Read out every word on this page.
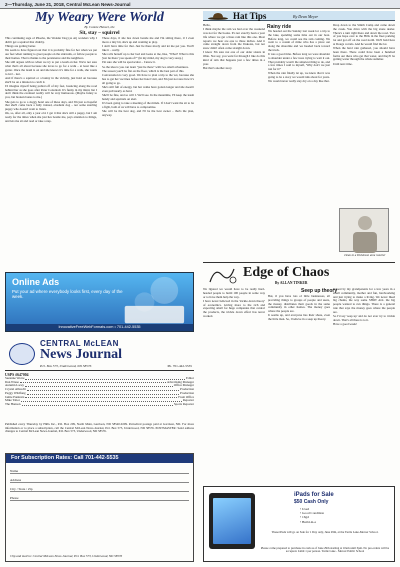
2—Thursday, June 21, 2018, Central McLean News-Journal
My Weary Were World
By Connie Hensel, the
Sit, stay – squirrel

This continuing saga of Phoebe, the Wonder Dog (as Ai) wonders why I didn't get a squirrel that chubby.

Things are getting better.

We seem to have figured out that it is probably fine for her when we put our feet when running to greet people on the sidewalk, or follow people to their homes. That is thanks to the persistence and the neighbors.

She still argues with us when we try to put a leash on her. We're not sure what that's all about because she loves to go for a walk – at least like a garter. Once the leash is on and she knows it's time for a walk, she wants to GO – nut.

And if there's a squirrel or a bunny in the vicinity, just hold on because she'll be on a mission to catch it.

I'd imagine myself being pulled off of my feet, bouncing along the road behind her as she goes after Peter Cottontail. It's funny in my mind, but I don't think the eventual reality will be very humorous. (Maybe funny to you, but broken bones to me.)

She gets to go to a doggy hotel one of these days, and I'm just so hopeful that she'll come back a fully trained, obedient dog – not some snarling puppy who doesn't want to listen.

Ok, so, after all, only a year old. I get it that she's still a puppy, but I am ready for the times when she just lies beside me, pays attention to things, and lets me sit and read or take a nap.

These days, if she lies down beside me and I'm sitting there, if I even move a tiny bit, she's up and wanting to play.

I don't have time for that. Just lie there nicely and let me pet you. You'll like it – really.

She rolls herself up to her bed and looks at me, like, "What? What is this 'just lie there' you speak of?" (In my mind, my dog is very sassy.)

I'm sure she will be spectacular – I know it.

So the idea is you can learn "just lie there" with two small adventures.

The reason you'll be flat on the floor, which is the best part of this.

Conversation is very good. We have to plan a trip to the vet, because she has to get her vaccines before her hotel visit, and I'm just not sure how it's all going to go.

She's still full of energy, but her walks have gotten longer and she doesn't even pull nearly as hard.

She'll be fine, and so will I. We'll see. In the meantime, I'll keep the leash handy and squirrels on alert.

It's been going to take a meeting of the minds. If I don't want the sit to be a fight, both of us will have to compromise.

She will be the best dog, and I'll be the best owner – that's the plan, anyway.

Online Ads
Put your ad where everybody looks first, every day of the week.
InnovativeFreeWebFormats.com • 701-442-5535
CENTRAL McLEAN
News Journal
P.O. Box 573, Underwood, ND 58576	Ph. 701-442-5535
USPS #647004
Suzanne Worre	Editor
Dan Wiese	Advertising Manager
Autumn Lacey	Office Manager
Crystal Albrecht	Production
Peggy Wildfang	Production
Jamie Pankratz	Front Office
Mike Tabor	Reporter
The Hanson	Sports Reporter
Published every Thursday by HRG Inc., P.O. Box 209, North Main, Garrison, ND 58540-0209. Periodical postage paid at Garrison, ND. For more information or to place a subscription, call the Central McLean News-Journal, P.O. Box 573, Underwood, ND 58576. POSTMASTER: Send address changes to Central McLean News-Journal, P.O. Box 573, Underwood, ND 58576.
For Subscription Rates: Call 701-442-5535
Name
Address
City / State / Zip
Phone
Clip and mail to: Central McLean News-Journal, P.O. Box 573, Underwood, ND 58576
Hat Tips	By Dean Meyer
Rainy ride

Hello,

I think maybe the rain we had over the weekend was not for the books. It's not exactly been a year life where we get a lines rain like this one. Most reports we hear are one to three inches. And it came straight down from the Dakotas, but not snow didn't often come straight down.

I know I'm sure not one of our older sisters in Ohio. Not say, you went far through I like do this kind of rain that happens just a few times in a year.

But that's another story.

We headed out the Sunday last week for a trip to the lake, spending some time out in our boat. Before long, we could see the rain coming. We went to a cousin of mine who has a place out along the shoreline and we headed back toward the truck.

It was a good time. Before long we were shoulder to shoulder under a few trees trying to wait it out. That probably wasn't the smartest thing to do, and a few times I said to myself, 'Why don't we just run for it?'

When the rain finally let up, we knew that it was going to be a story we would talk about for years. We would never really stay dry on a day like that.

Drop down to the Smith Camp and come down the creek. You drive with the big stone dealer. There's a turn right there and down the road. Two of you hope over to the Hills in the fleet parking lot and got off on the road north. We'll hold here at Dougs corrals. And he would find the lot.

When the hard rain gathered, you should have been there. There could have been a hundred farms out there who get that water, and they'll be getting water through the whole summer.

Until next time.

Dean to a Dickinson area rancher
Edge of Chaos
By ALLAN TINKER
Seep up theory

We figured we would have to be really hard-headed people to build 100 people in some way or to have them help the way.

I have never believed in the 'trickle-down theory' of economics. Giving more to the rich and expecting small for huge companies that control the products, the trickle down effect has never worked.

But, if you have lots of little businesses, all providing things to groups of people and users, the money, distributes their goods in the same community in other homes. The money goes where the people are.

It seems up, and everyone has their share, even the little man. So, I believe in a seep up theory.

Raised by my grandparents for a few years in a small community, mother and fun, hardworking and just trying to make a living. We never liked big chains, the way some SHOT ALL the big people wanted to run things. There is a general rule that says the money goes where the people are.

So I'd say 'seep up' and do not ever try to trickle down. That's all there is to it.

Have a good week!

iPads for Sale
$50 Cash Only
• Used
• Good Condition
• 16gd
• Build-in-a
These iPads will go on Sale for 1 Day only, June 29th, at the Turtle Lake-Mercer School.
Please come prepared to purchase in cash as of June 29th starting at 10am until 3pm. No pre-orders will be accepted. Limit 1 per person. Turtle Lake - Mercer Public School
